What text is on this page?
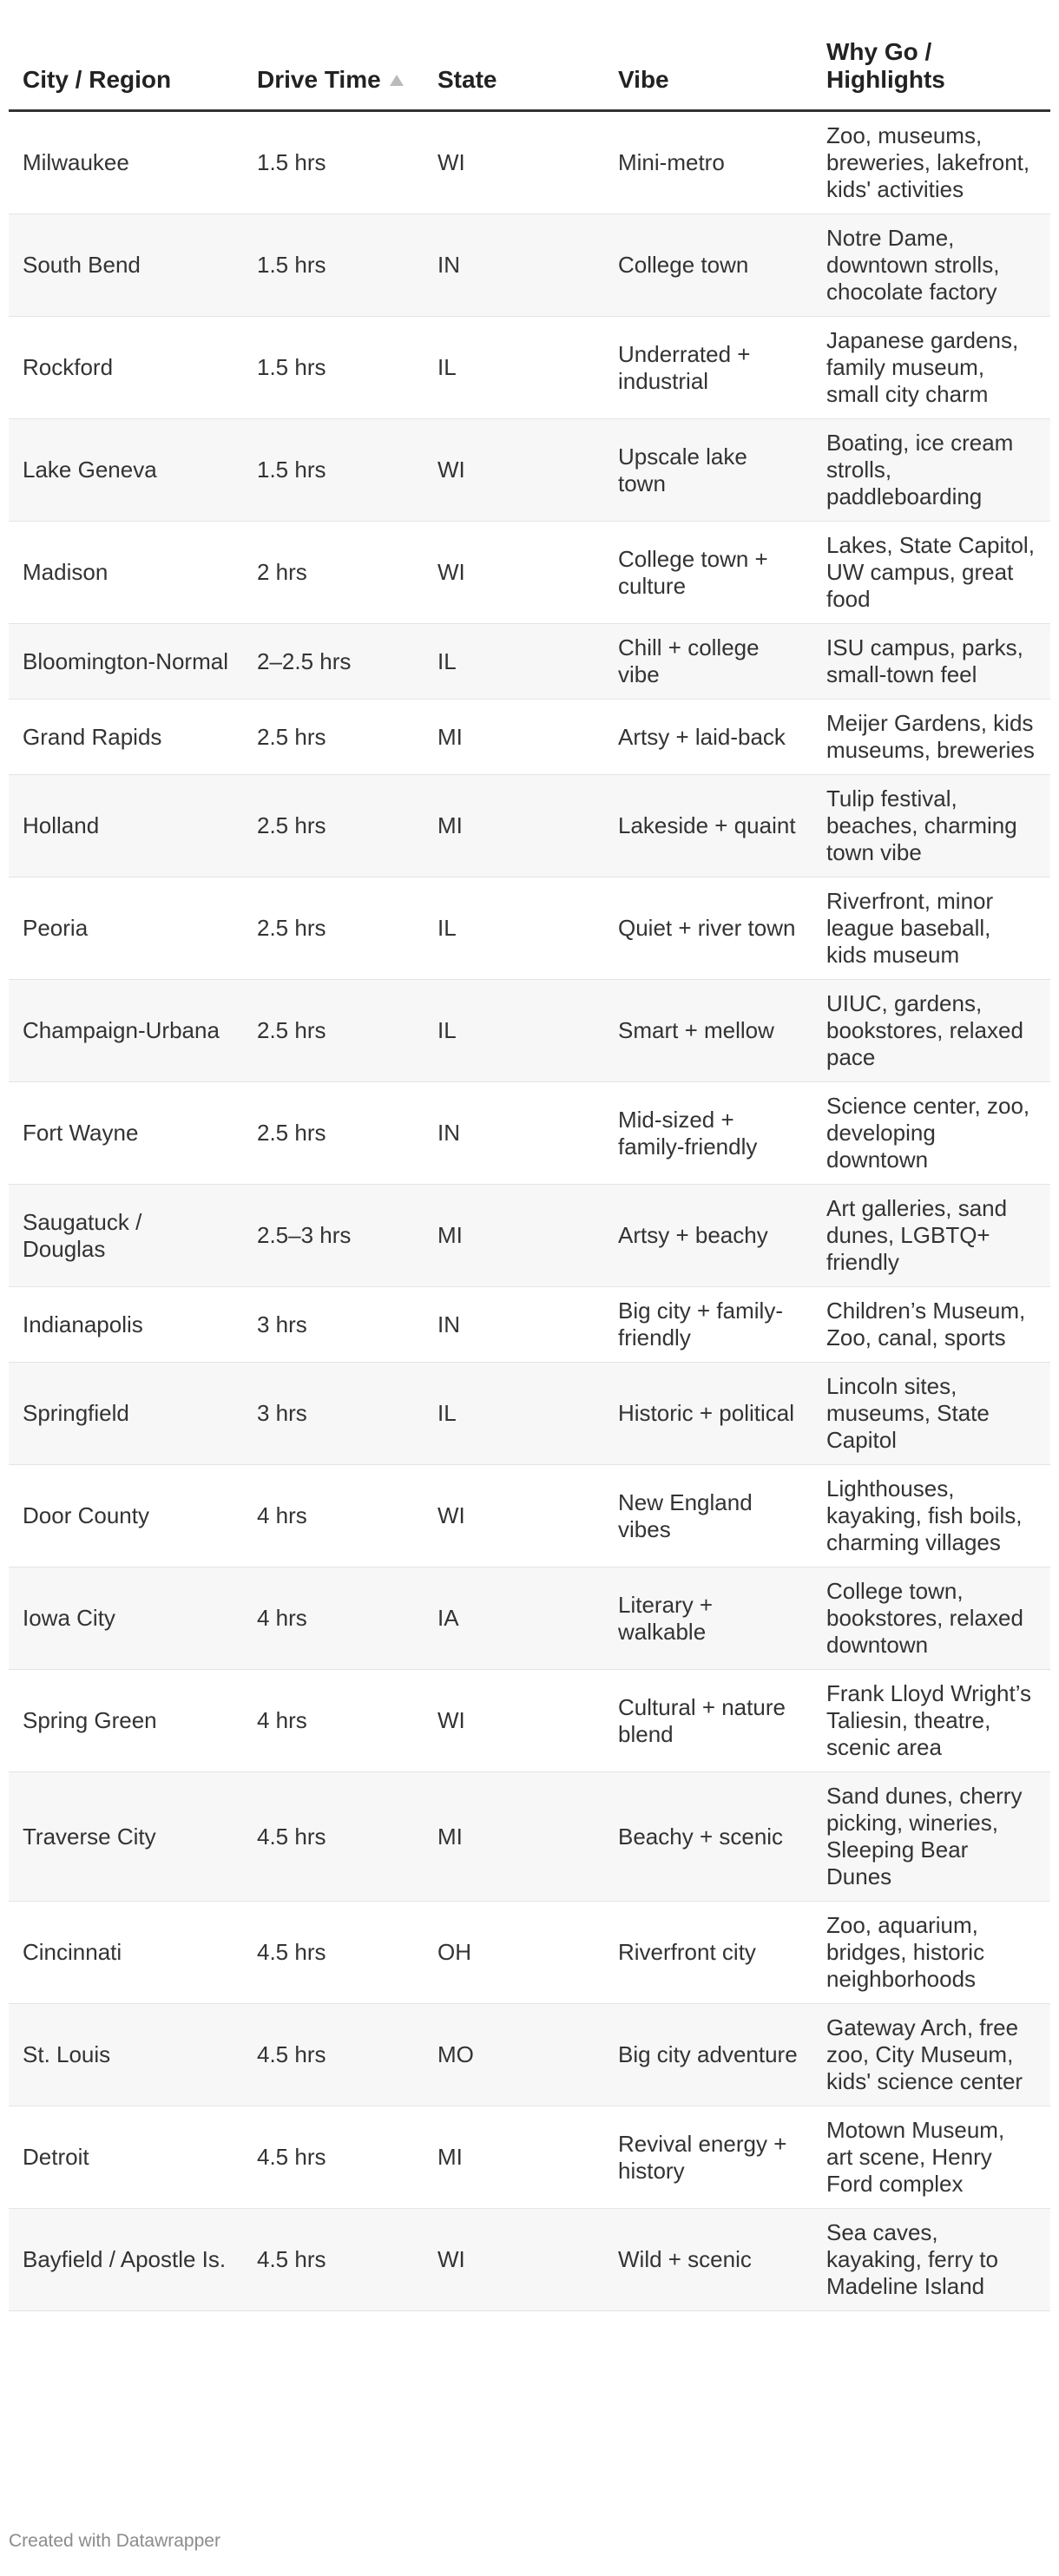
City / Region	Drive Time	State	Vibe	Why Go / Highlights
Milwaukee	1.5 hrs	WI	Mini-metro	Zoo, museums, breweries, lakefront, kids' activities
South Bend	1.5 hrs	IN	College town	Notre Dame, downtown strolls, chocolate factory
Rockford	1.5 hrs	IL	Underrated + industrial	Japanese gardens, family museum, small city charm
Lake Geneva	1.5 hrs	WI	Upscale lake town	Boating, ice cream strolls, paddleboarding
Madison	2 hrs	WI	College town + culture	Lakes, State Capitol, UW campus, great food
Bloomington-Normal	2–2.5 hrs	IL	Chill + college vibe	ISU campus, parks, small-town feel
Grand Rapids	2.5 hrs	MI	Artsy + laid-back	Meijer Gardens, kids museums, breweries
Holland	2.5 hrs	MI	Lakeside + quaint	Tulip festival, beaches, charming town vibe
Peoria	2.5 hrs	IL	Quiet + river town	Riverfront, minor league baseball, kids museum
Champaign-Urbana	2.5 hrs	IL	Smart + mellow	UIUC, gardens, bookstores, relaxed pace
Fort Wayne	2.5 hrs	IN	Mid-sized + family-friendly	Science center, zoo, developing downtown
Saugatuck / Douglas	2.5–3 hrs	MI	Artsy + beachy	Art galleries, sand dunes, LGBTQ+ friendly
Indianapolis	3 hrs	IN	Big city + family-friendly	Children’s Museum, Zoo, canal, sports
Springfield	3 hrs	IL	Historic + political	Lincoln sites, museums, State Capitol
Door County	4 hrs	WI	New England vibes	Lighthouses, kayaking, fish boils, charming villages
Iowa City	4 hrs	IA	Literary + walkable	College town, bookstores, relaxed downtown
Spring Green	4 hrs	WI	Cultural + nature blend	Frank Lloyd Wright’s Taliesin, theatre, scenic area
Traverse City	4.5 hrs	MI	Beachy + scenic	Sand dunes, cherry picking, wineries, Sleeping Bear Dunes
Cincinnati	4.5 hrs	OH	Riverfront city	Zoo, aquarium, bridges, historic neighborhoods
St. Louis	4.5 hrs	MO	Big city adventure	Gateway Arch, free zoo, City Museum, kids' science center
Detroit	4.5 hrs	MI	Revival energy + history	Motown Museum, art scene, Henry Ford complex
Bayfield / Apostle Is.	4.5 hrs	WI	Wild + scenic	Sea caves, kayaking, ferry to Madeline Island
Created with Datawrapper
